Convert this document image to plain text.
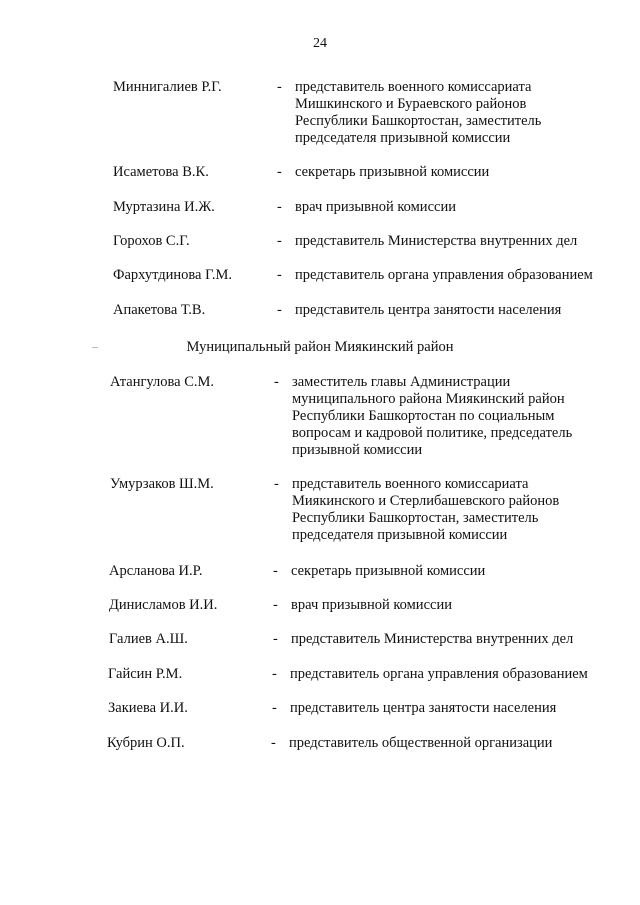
24
Миннигалиев Р.Г.	- представитель военного комиссариата
Мишкинского и Бураевского районов
Республики Башкортостан, заместитель
председателя призывной комиссии
Исаметова В.К.	- секретарь призывной комиссии
Муртазина И.Ж.	- врач призывной комиссии
Горохов С.Г.	- представитель Министерства внутренних дел
Фархутдинова Г.М.	- представитель органа управления образованием
Апакетова Т.В.	- представитель центра занятости населения
Муниципальный район Миякинский район
Атангулова С.М.	- заместитель главы Администрации
муниципального района Миякинский район
Республики Башкортостан по социальным
вопросам и кадровой политике, председатель
призывной комиссии
Умурзаков Ш.М.	- представитель военного комиссариата
Миякинского и Стерлибашевского районов
Республики Башкортостан, заместитель
председателя призывной комиссии
Арсланова И.Р.	- секретарь призывной комиссии
Динисламов И.И.	- врач призывной комиссии
Галиев А.Ш.	- представитель Министерства внутренних дел
Гайсин Р.М.	- представитель органа управления образованием
Закиева И.И.	- представитель центра занятости населения
Кубрин О.П.	- представитель общественной организации
